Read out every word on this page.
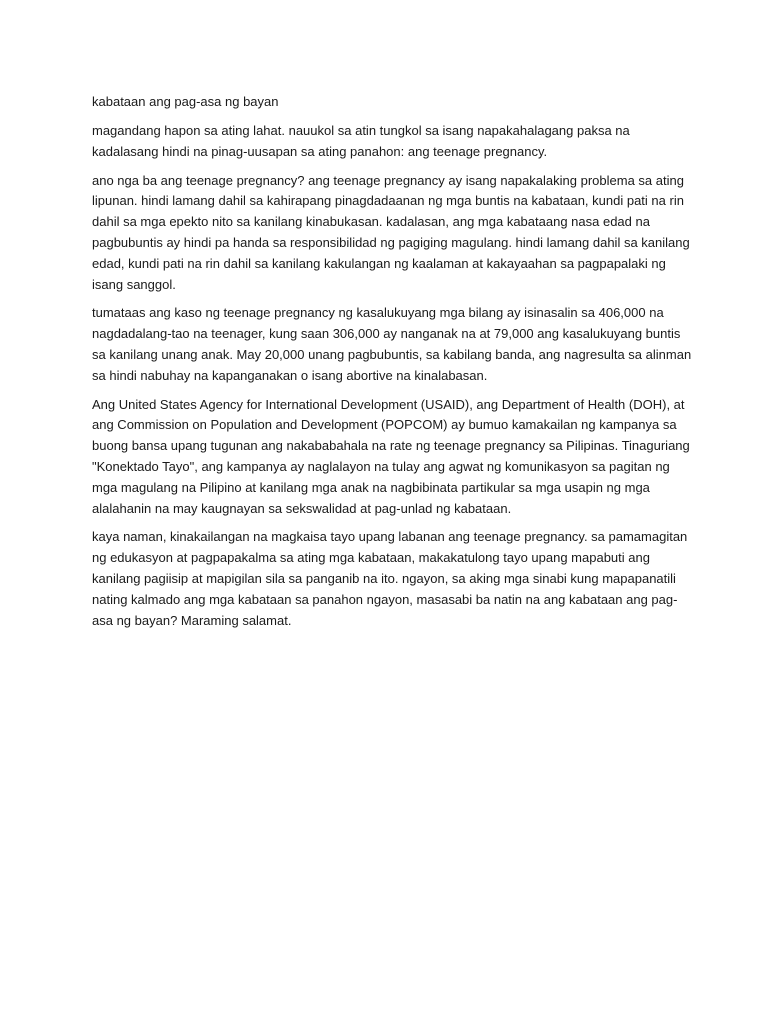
kabataan ang pag-asa ng bayan

magandang hapon sa ating lahat. nauukol sa atin tungkol sa isang napakahalagang paksa na kadalasang hindi na pinag-uusapan sa ating panahon: ang teenage pregnancy.

ano nga ba ang teenage pregnancy? ang teenage pregnancy ay isang napakalaking problema sa ating lipunan. hindi lamang dahil sa kahirapang pinagdadaanan ng mga buntis na kabataan, kundi pati na rin dahil sa mga epekto nito sa kanilang kinabukasan. kadalasan, ang mga kabataang nasa edad na pagbubuntis ay hindi pa handa sa responsibilidad ng pagiging magulang. hindi lamang dahil sa kanilang edad, kundi pati na rin dahil sa kanilang kakulangan ng kaalaman at kakayaahan sa pagpapalaki ng isang sanggol.

tumataas ang kaso ng teenage pregnancy ng kasalukuyang mga bilang ay isinasalin sa 406,000 na nagdadalang-tao na teenager, kung saan 306,000 ay nanganak na at 79,000 ang kasalukuyang buntis sa kanilang unang anak. May 20,000 unang pagbubuntis, sa kabilang banda, ang nagresulta sa alinman sa hindi nabuhay na kapanganakan o isang abortive na kinalabasan.

Ang United States Agency for International Development (USAID), ang Department of Health (DOH), at ang Commission on Population and Development (POPCOM) ay bumuo kamakailan ng kampanya sa buong bansa upang tugunan ang nakababahala na rate ng teenage pregnancy sa Pilipinas. Tinaguriang "Konektado Tayo", ang kampanya ay naglalayon na tulay ang agwat ng komunikasyon sa pagitan ng mga magulang na Pilipino at kanilang mga anak na nagbibinata partikular sa mga usapin ng mga alalahanin na may kaugnayan sa sekswalidad at pag-unlad ng kabataan.

kaya naman, kinakailangan na magkaisa tayo upang labanan ang teenage pregnancy. sa pamamagitan ng edukasyon at pagpapakalma sa ating mga kabataan, makakatulong tayo upang mapabuti ang kanilang pagiisip at mapigilan sila sa panganib na ito. ngayon, sa aking mga sinabi kung mapapanatili nating kalmado ang mga kabataan sa panahon ngayon, masasabi ba natin na ang kabataan ang pag-asa ng bayan? Maraming salamat.
